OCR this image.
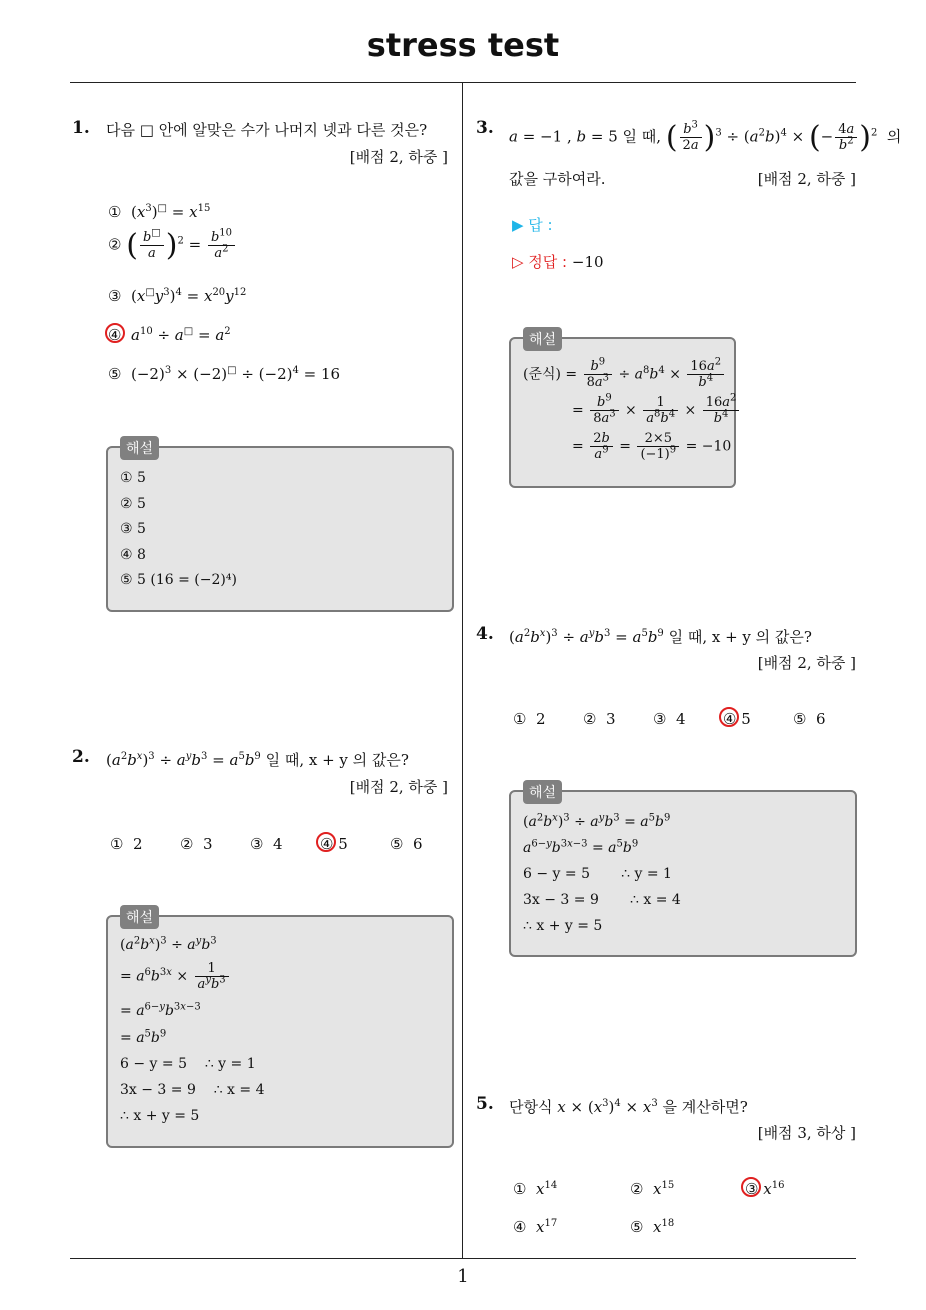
stress test
1
1. 다음 □ 안에 알맞은 수가 나머지 넷과 다른 것은?
[배점 2, 하중 ]
①  $(x^3)^□ = x^{15}$
② ( $\frac{b^□}{a} )^2 = \frac{b^{10}}{a^2}$
③  $(x^□y^3)^4 = x^{20}y^{12}$
④ $a^{10} \div a^□ = a^2$
⑤  $(-2)^3 \times (-2)^□ \div (-2)^4 = 16$
해설
① 5
② 5
③ 5
④ 8
⑤ 5 (16 = (−2)⁴)
2. $(a^2b^x)^3 \div a^yb^3 = a^5b^9$ 일 때, x + y 의 값은?
[배점 2, 하중 ]
① 2 ② 3 ③ 4 ④ 5	⑤ 6
해설
$(a^2b^x)^3 \div a^yb^3$
= $a^6b^{3x} \times \frac{1}{a^yb^3}$
= $a^{6-y}b^{3x-3}$
= $a^5b^9$
6 − y = 5 ∴ y = 1
3x − 3 = 9 ∴ x = 4
∴ x + y = 5
3. a = −1 , b = 5 일 때, ( $\frac{b^3}{2a} )^3 \div (a^2b)^4$ × (− $\frac{4a}{b^2} )^2$ 의
값을 구하여라.	[배점 2, 하중 ]
▶ 답 :
▷ 정답 : −10
해설
(준식) = $\frac{b^9}{8a^3} \div a^8b^4 \times \frac{16a^2}{b^4}$
= $\frac{b^9}{8a^3} \times \frac{1}{a^8b^4} \times \frac{16a^2}{b^4}$
= $\frac{2b}{a^9} = \frac{2\times 5}{(-1)^9} = -10$
4. $(a^2b^x)^3 \div a^yb^3 = a^5b^9$ 일 때, x + y 의 값은?
[배점 2, 하중 ]
① 2 ② 3 ③ 4 ④ 5	⑤ 6
해설
$(a^2b^x)^3 \div a^yb^3 = a^5b^9$
$a^{6-y}b^{3x-3} = a^5b^9$
6 − y = 5 ∴ y = 1
3x − 3 = 9 ∴ x = 4
∴ x + y = 5
5. 단항식 $x \times (x^3)^4 \times x^3$ 을 계산하면?
[배점 3, 하상 ]
① $x^{14}$	② $x^{15}$	③ $x^{16}$
④ $x^{17}$	⑤ $x^{18}$
